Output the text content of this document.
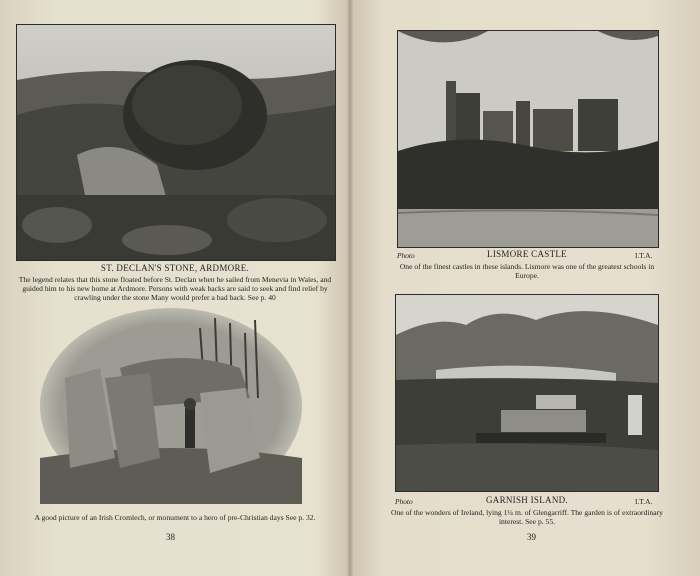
ST. DECLAN'S STONE, ARDMORE.
The legend relates that this stone floated before St. Declan when he sailed from Menevia in Wales, and guided him to his new home at Ardmore. Persons with weak backs are said to seek and find relief by crawling under the stone Many would prefer a bad back. See p. 40
A good picture of an Irish Cromlech, or monument to a hero of pre-Christian days See p. 32.
38
Photo	LISMORE CASTLE	I.T.A.
One of the finest castles in these islands. Lismore was one of the greatest schools in Europe.
Photo	GARNISH ISLAND.	I.T.A.
One of the wonders of Ireland, lying 1¼ m. of Glengarriff. The garden is of extraordinary interest. See p. 55.
39
